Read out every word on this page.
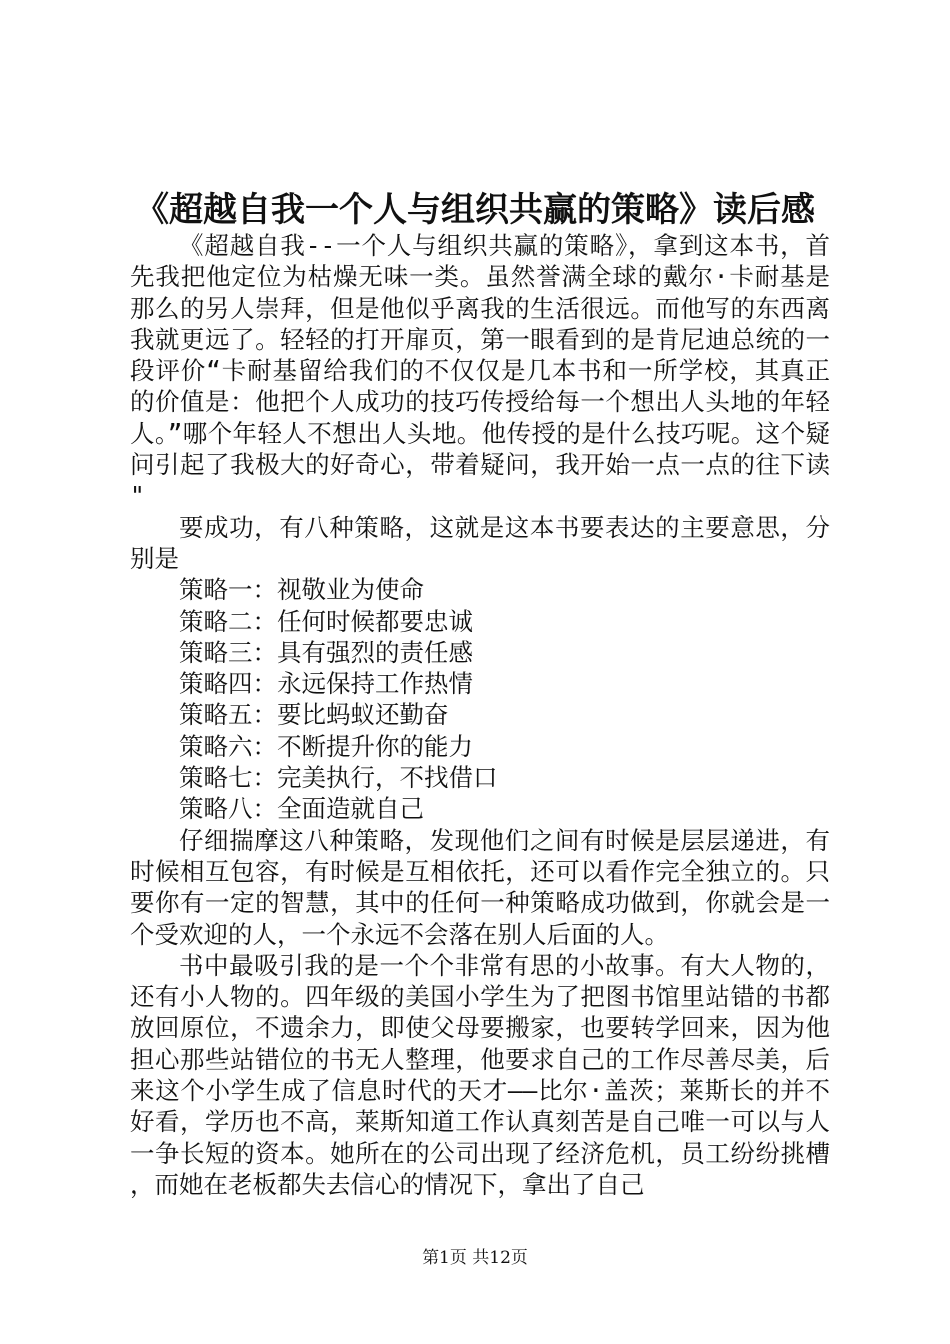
《超越自我一个人与组织共赢的策略》读后感

《超越自我--一个人与组织共赢的策略》，拿到这本书，首先我把他定位为枯燥无味一类。虽然誉满全球的戴尔·卡耐基是那么的另人崇拜，但是他似乎离我的生活很远。而他写的东西离我就更远了。轻轻的打开扉页，第一眼看到的是肯尼迪总统的一段评价“卡耐基留给我们的不仅仅是几本书和一所学校，其真正的价值是：他把个人成功的技巧传授给每一个想出人头地的年轻人。”哪个年轻人不想出人头地。他传授的是什么技巧呢。这个疑问引起了我极大的好奇心，带着疑问，我开始一点一点的往下读"

要成功，有八种策略，这就是这本书要表达的主要意思，分别是

策略一：视敬业为使命

策略二：任何时候都要忠诚

策略三：具有强烈的责任感

策略四：永远保持工作热情

策略五：要比蚂蚁还勤奋

策略六：不断提升你的能力

策略七：完美执行，不找借口

策略八：全面造就自己

仔细揣摩这八种策略，发现他们之间有时候是层层递进，有时候相互包容，有时候是互相依托，还可以看作完全独立的。只要你有一定的智慧，其中的任何一种策略成功做到，你就会是一个受欢迎的人，一个永远不会落在别人后面的人。

书中最吸引我的是一个个非常有思的小故事。有大人物的，还有小人物的。四年级的美国小学生为了把图书馆里站错的书都放回原位，不遗余力，即使父母要搬家，也要转学回来，因为他担心那些站错位的书无人整理，他要求自己的工作尽善尽美，后来这个小学生成了信息时代的天才——比尔·盖茨；莱斯长的并不好看，学历也不高，莱斯知道工作认真刻苦是自己唯一可以与人一争长短的资本。她所在的公司出现了经济危机，员工纷纷挑槽，而她在老板都失去信心的情况下，拿出了自己

第1页 共12页
